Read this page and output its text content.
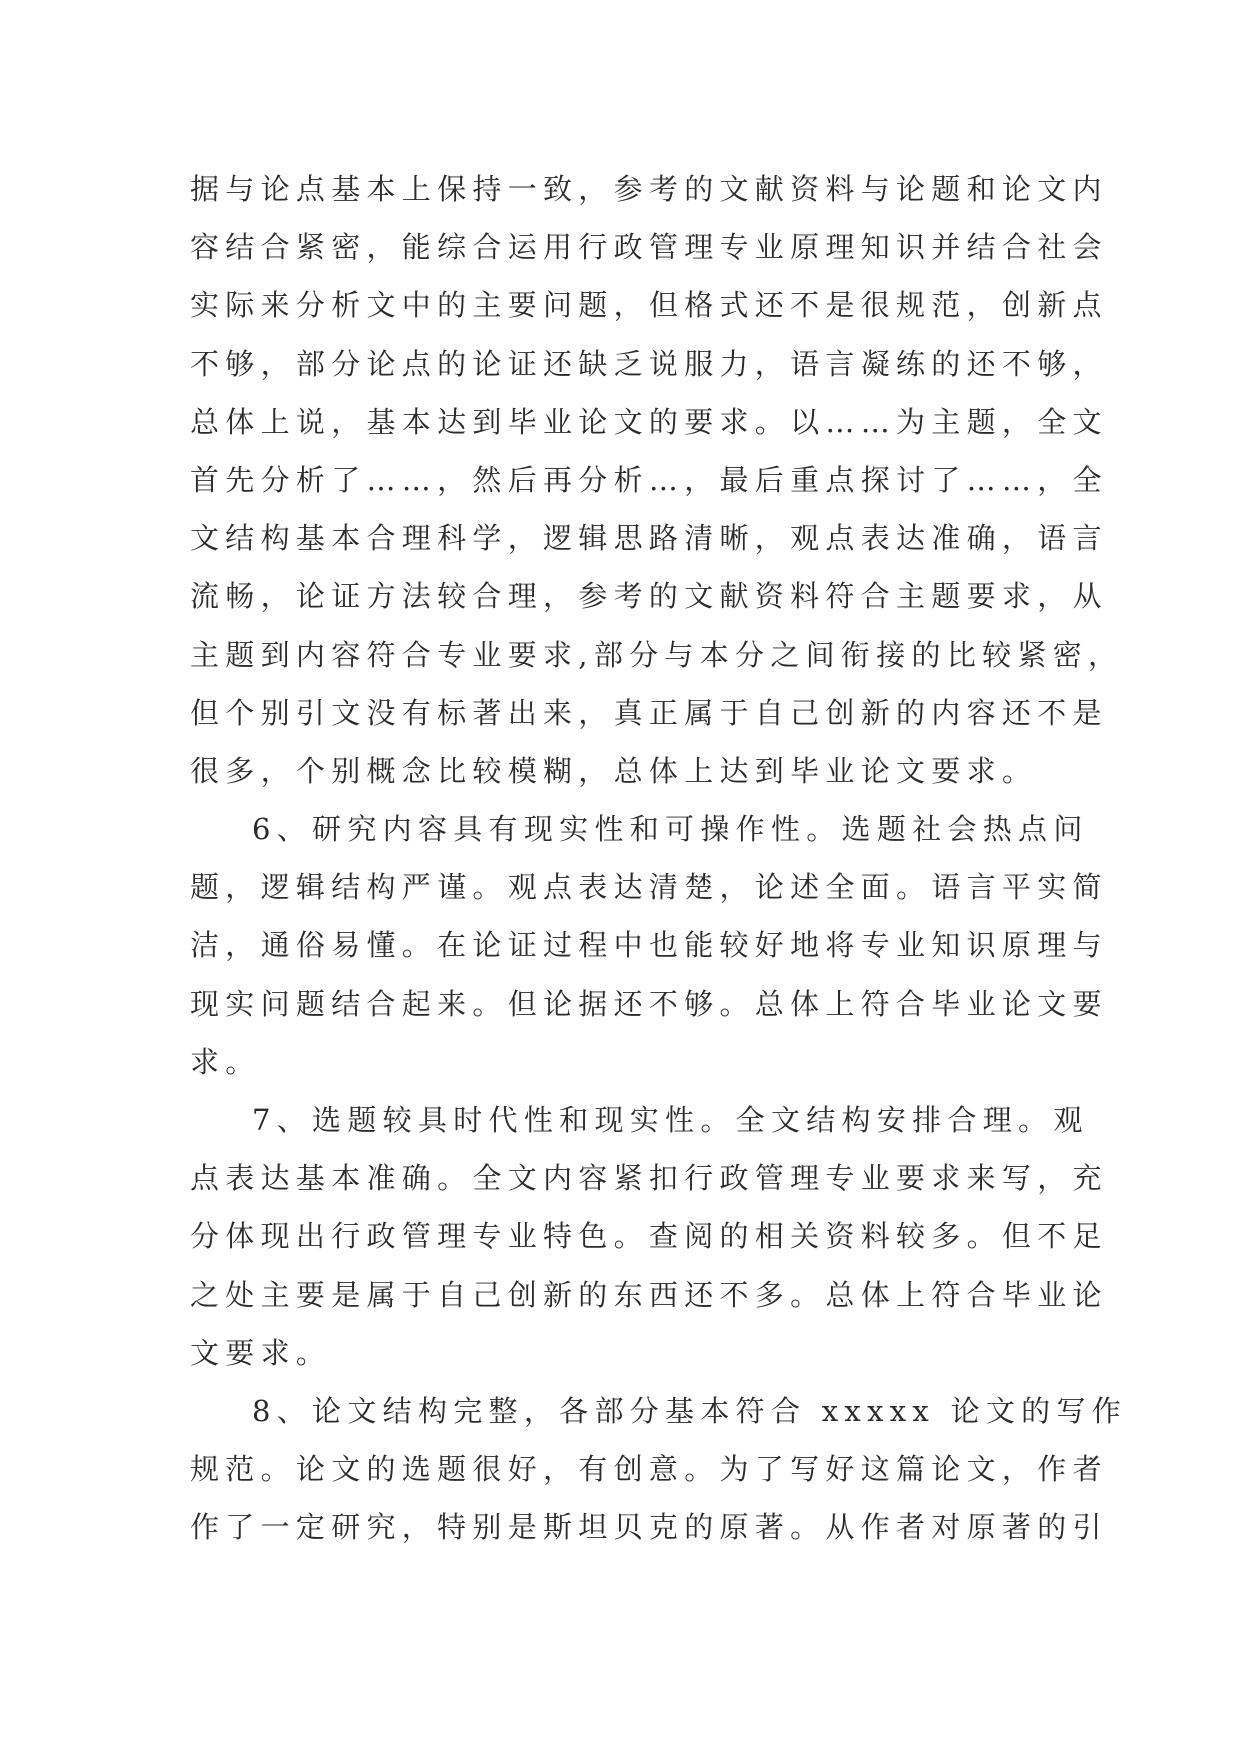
据与论点基本上保持一致，参考的文献资料与论题和论文内
容结合紧密，能综合运用行政管理专业原理知识并结合社会
实际来分析文中的主要问题，但格式还不是很规范，创新点
不够，部分论点的论证还缺乏说服力，语言凝练的还不够，
总体上说，基本达到毕业论文的要求。以……为主题，全文
首先分析了……，然后再分析…，最后重点探讨了……，全
文结构基本合理科学，逻辑思路清晰，观点表达准确，语言
流畅，论证方法较合理，参考的文献资料符合主题要求，从
主题到内容符合专业要求,部分与本分之间衔接的比较紧密，
但个别引文没有标著出来，真正属于自己创新的内容还不是
很多，个别概念比较模糊，总体上达到毕业论文要求。
6、研究内容具有现实性和可操作性。选题社会热点问
题，逻辑结构严谨。观点表达清楚，论述全面。语言平实简
洁，通俗易懂。在论证过程中也能较好地将专业知识原理与
现实问题结合起来。但论据还不够。总体上符合毕业论文要
求。
7、选题较具时代性和现实性。全文结构安排合理。观
点表达基本准确。全文内容紧扣行政管理专业要求来写，充
分体现出行政管理专业特色。查阅的相关资料较多。但不足
之处主要是属于自己创新的东西还不多。总体上符合毕业论
文要求。
8、论文结构完整，各部分基本符合 xxxxx 论文的写作
规范。论文的选题很好，有创意。为了写好这篇论文，作者
作了一定研究，特别是斯坦贝克的原著。从作者对原著的引
